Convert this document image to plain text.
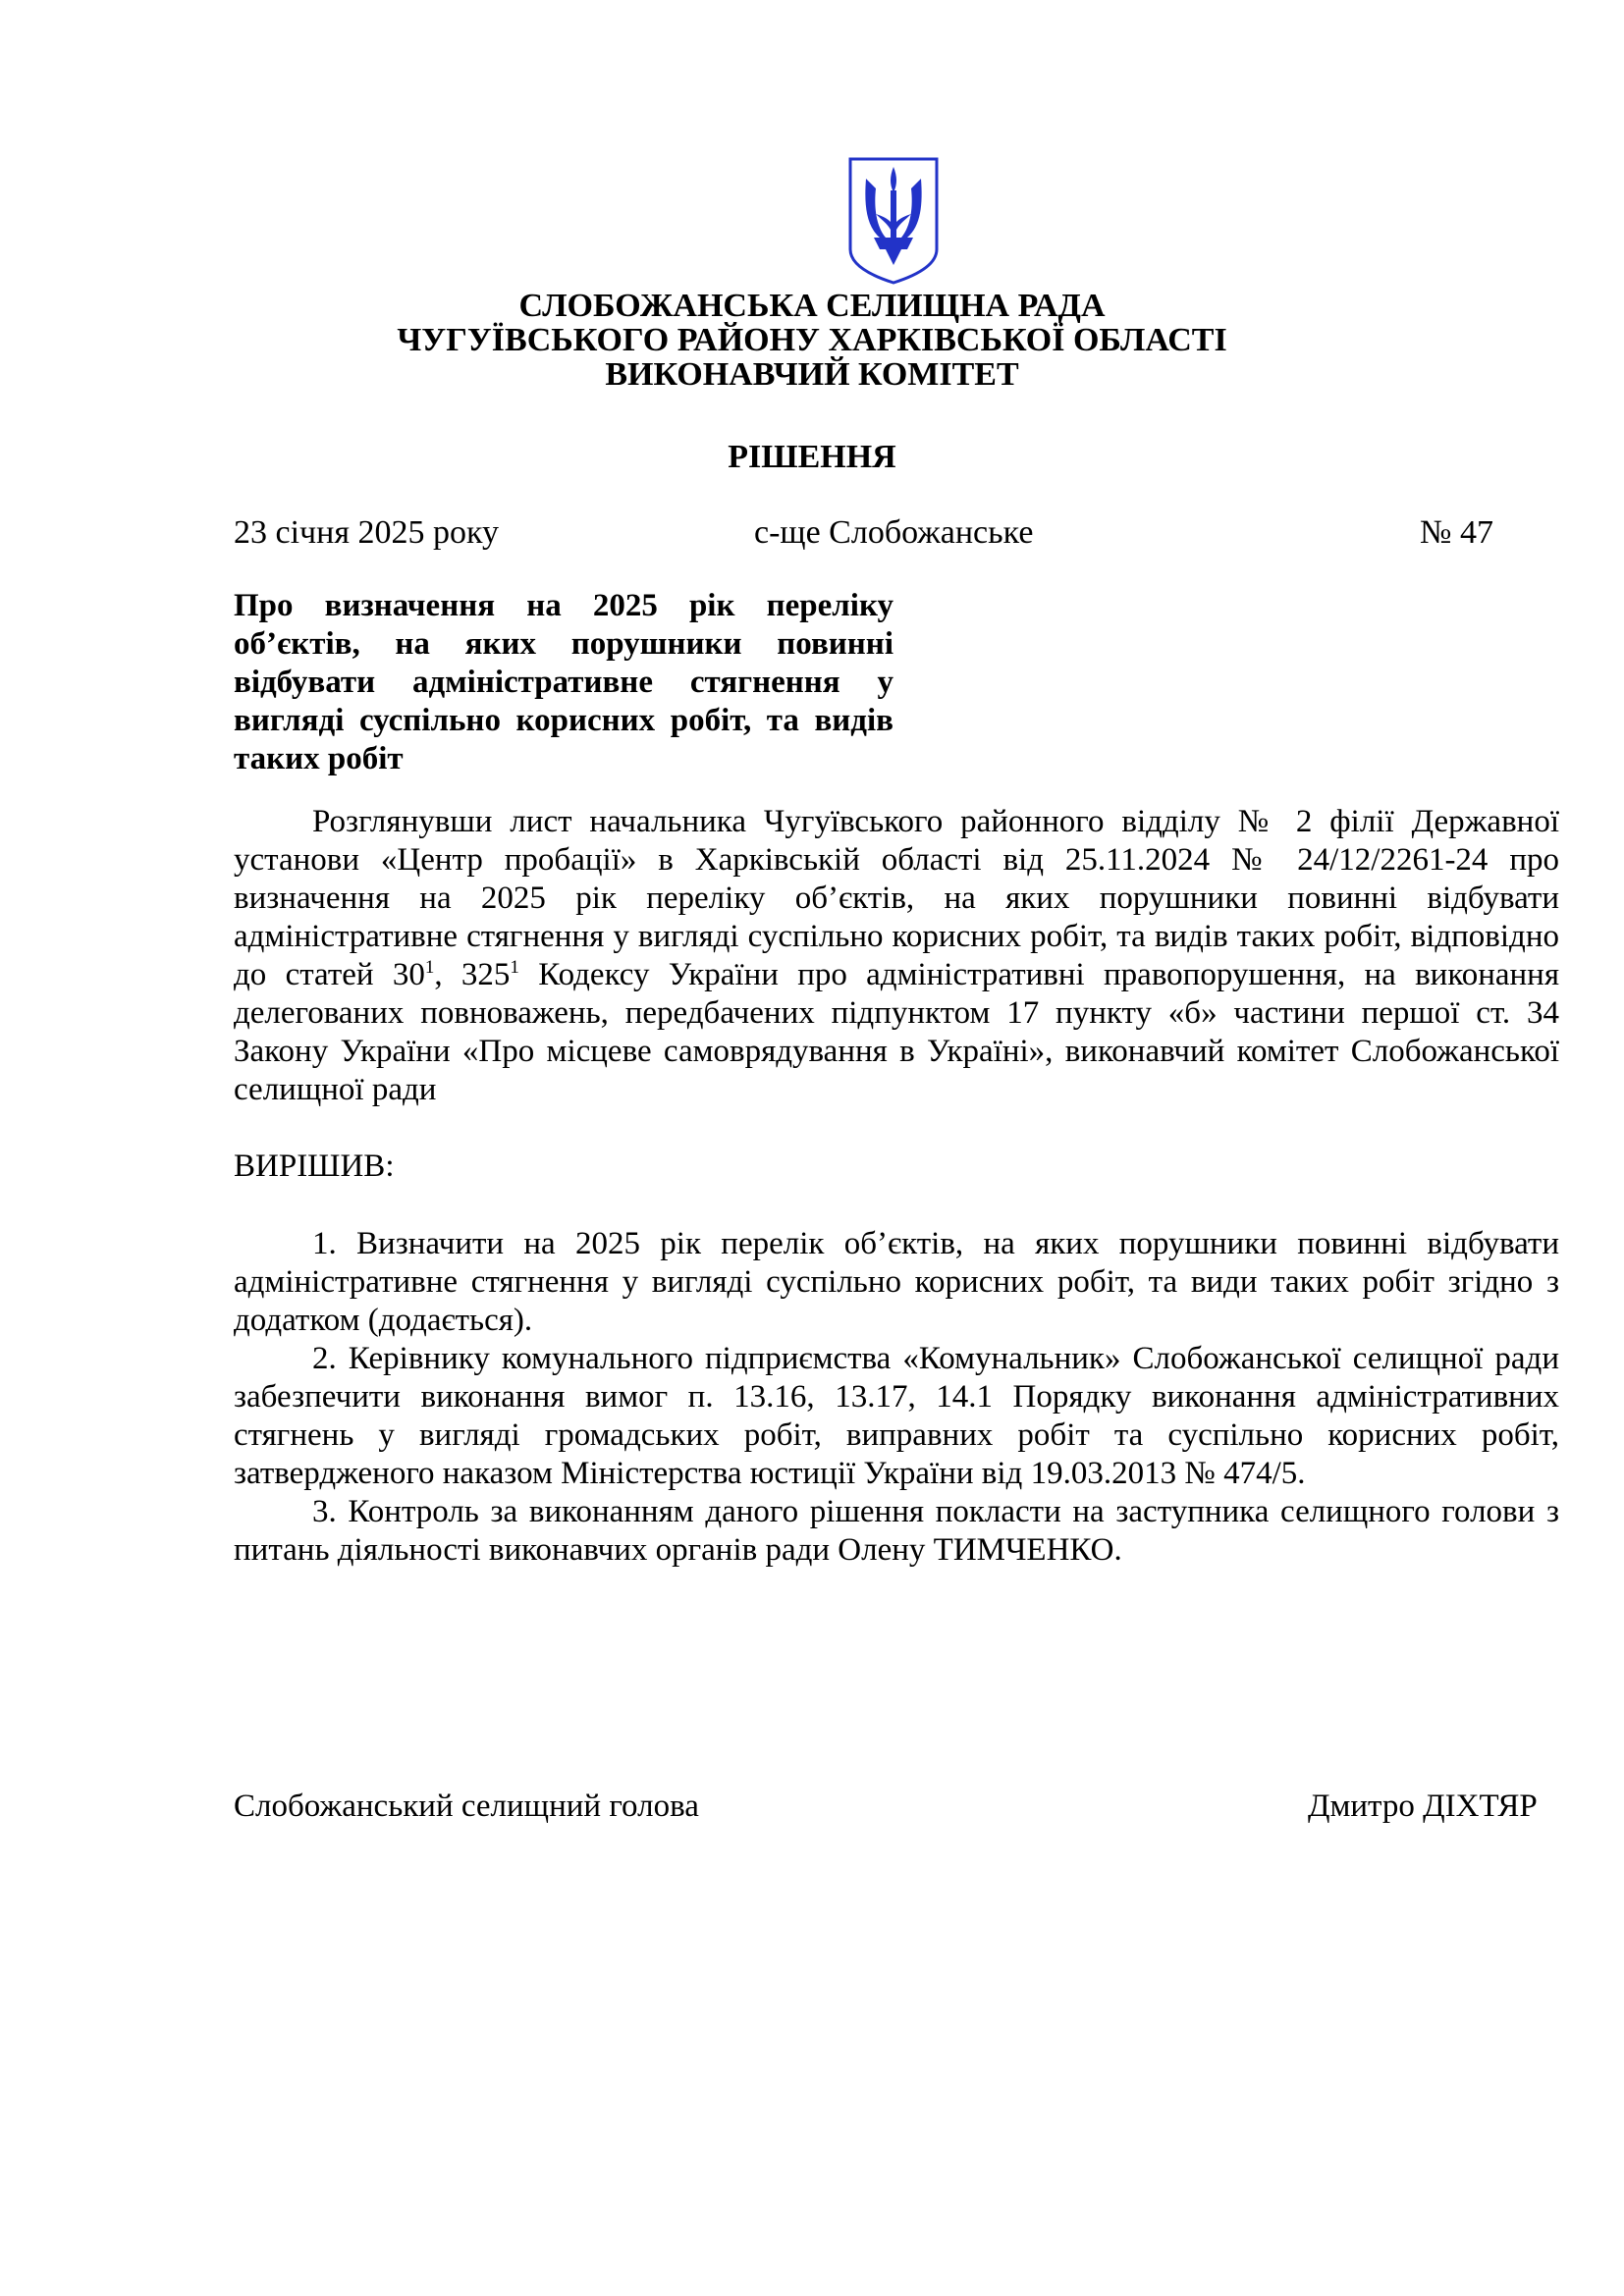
СЛОБОЖАНСЬКА СЕЛИЩНА РАДА
ЧУГУЇВСЬКОГО РАЙОНУ ХАРКІВСЬКОЇ ОБЛАСТІ
ВИКОНАВЧИЙ КОМІТЕТ
РІШЕННЯ
23 січня 2025 року	с-ще Слобожанське	№ 47
Про визначення на 2025 рік переліку
об’єктів, на яких порушники повинні
відбувати адміністративне стягнення у
вигляді суспільно корисних робіт, та видів
таких робіт
Розглянувши лист начальника Чугуївського районного відділу № 2 філії Державної
установи «Центр пробації» в Харківській області від 25.11.2024 № 24/12/2261-24 про
визначення на 2025 рік переліку об’єктів, на яких порушники повинні відбувати
адміністративне стягнення у вигляді суспільно корисних робіт, та видів таких робіт, відповідно
до статей $30^1$, $325^1$ Кодексу України про адміністративні правопорушення, на виконання
делегованих повноважень, передбачених підпунктом 17 пункту «б» частини першої ст. 34
Закону України «Про місцеве самоврядування в Україні», виконавчий комітет Слобожанської
селищної ради
ВИРІШИВ:
1. Визначити на 2025 рік перелік об’єктів, на яких порушники повинні відбувати
адміністративне стягнення у вигляді суспільно корисних робіт, та види таких робіт згідно з
додатком (додається).
2. Керівнику комунального підприємства «Комунальник» Слобожанської селищної ради
забезпечити виконання вимог п. 13.16, 13.17, 14.1 Порядку виконання адміністративних
стягнень у вигляді громадських робіт, виправних робіт та суспільно корисних робіт,
затвердженого наказом Міністерства юстиції України від 19.03.2013 № 474/5.
3. Контроль за виконанням даного рішення покласти на заступника селищного голови з
питань діяльності виконавчих органів ради Олену ТИМЧЕНКО.
Слобожанський селищний голова	Дмитро ДІХТЯР
